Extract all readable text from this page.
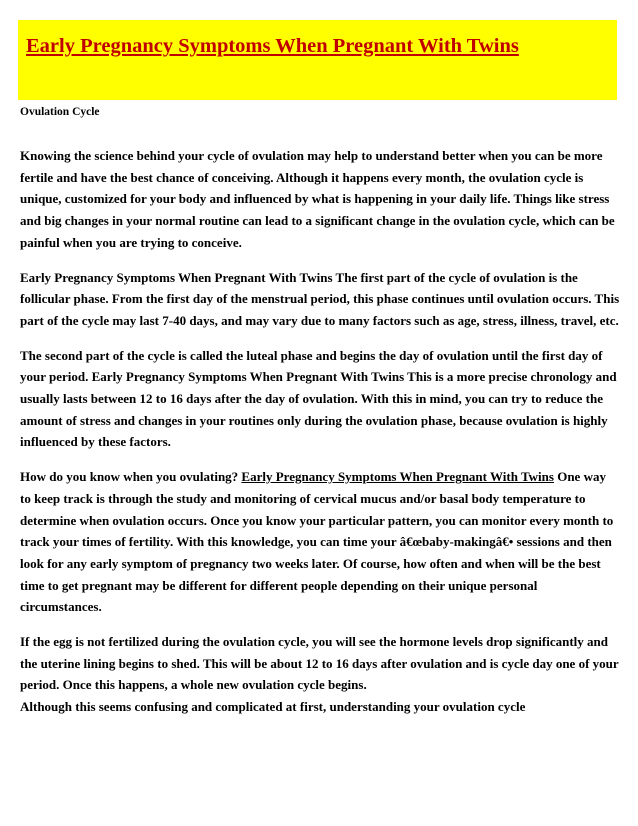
Early Pregnancy Symptoms When Pregnant With Twins
Ovulation Cycle

Knowing the science behind your cycle of ovulation may help to understand better when you can be more fertile and have the best chance of conceiving. Although it happens every month, the ovulation cycle is unique, customized for your body and influenced by what is happening in your daily life. Things like stress and big changes in your normal routine can lead to a significant change in the ovulation cycle, which can be painful when you are trying to conceive.

Early Pregnancy Symptoms When Pregnant With Twins The first part of the cycle of ovulation is the follicular phase. From the first day of the menstrual period, this phase continues until ovulation occurs. This part of the cycle may last 7-40 days, and may vary due to many factors such as age, stress, illness, travel, etc.

The second part of the cycle is called the luteal phase and begins the day of ovulation until the first day of your period. Early Pregnancy Symptoms When Pregnant With Twins This is a more precise chronology and usually lasts between 12 to 16 days after the day of ovulation. With this in mind, you can try to reduce the amount of stress and changes in your routines only during the ovulation phase, because ovulation is highly influenced by these factors.

How do you know when you ovulating? Early Pregnancy Symptoms When Pregnant With Twins One way to keep track is through the study and monitoring of cervical mucus and/or basal body temperature to determine when ovulation occurs. Once you know your particular pattern, you can monitor every month to track your times of fertility. With this knowledge, you can time your â€œbaby-makingâ€• sessions and then look for any early symptom of pregnancy two weeks later. Of course, how often and when will be the best time to get pregnant may be different for different people depending on their unique personal circumstances.

If the egg is not fertilized during the ovulation cycle, you will see the hormone levels drop significantly and the uterine lining begins to shed. This will be about 12 to 16 days after ovulation and is cycle day one of your period. Once this happens, a whole new ovulation cycle begins.

Although this seems confusing and complicated at first, understanding your ovulation cycle
